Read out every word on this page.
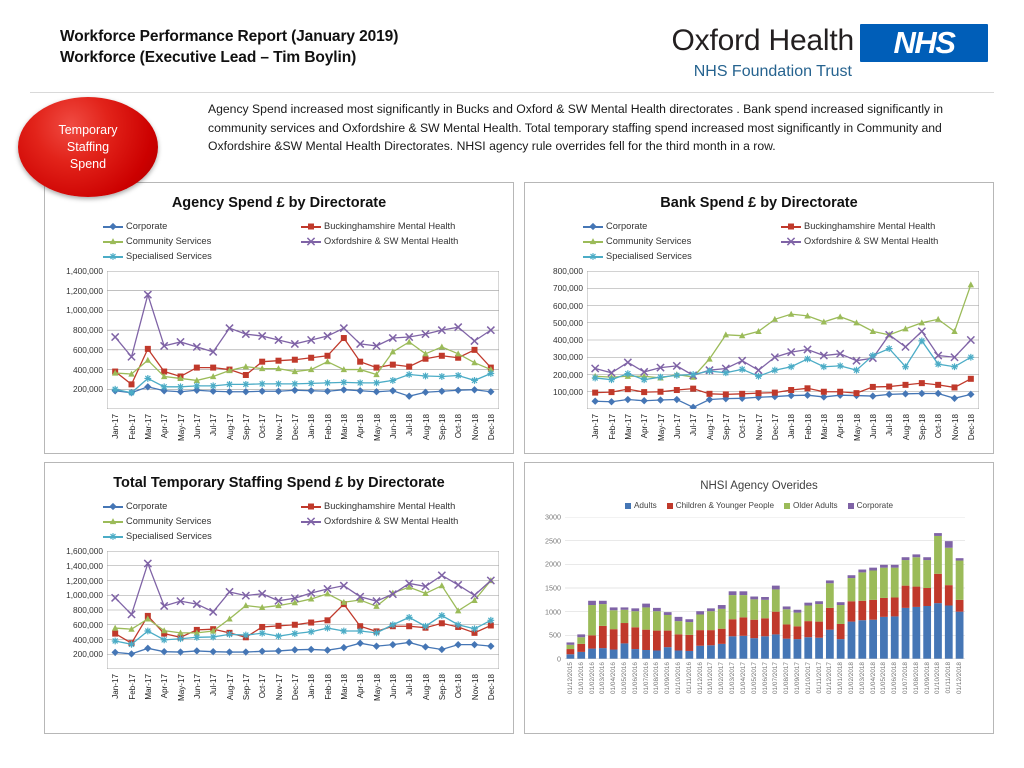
Workforce Performance Report (January 2019)
Workforce (Executive Lead – Tim Boylin)
Oxford Health	NHS
NHS Foundation Trust
Temporary
Staffing
Spend
Agency Spend increased most significantly in Bucks and Oxford & SW Mental Health directorates . Bank spend increased significantly in community services and Oxfordshire & SW Mental Health. Total temporary staffing spend increased most significantly in Community and Oxfordshire &SW Mental Health Directorates. NHSI agency rule overrides fell for the third month in a row.
Agency Spend £ by Directorate
Corporate	Buckinghamshire Mental Health
Community Services	Oxfordshire & SW Mental Health
Specialised Services
200,000
400,000
600,000
800,000
1,000,000
1,200,000
1,400,000
Jan-17 Feb-17 Mar-17 Apr-17 May-17 Jun-17 Jul-17 Aug-17 Sep-17 Oct-17 Nov-17 Dec-17 Jan-18 Feb-18 Mar-18 Apr-18 May-18 Jun-18 Jul-18 Aug-18 Sep-18 Oct-18 Nov-18 Dec-18
Bank Spend £ by Directorate
Corporate	Buckinghamshire Mental Health
Community Services	Oxfordshire & SW Mental Health
Specialised Services
100,000
200,000
300,000
400,000
500,000
600,000
700,000
800,000
Jan-17 Feb-17 Mar-17 Apr-17 May-17 Jun-17 Jul-17 Aug-17 Sep-17 Oct-17 Nov-17 Dec-17 Jan-18 Feb-18 Mar-18 Apr-18 May-18 Jun-18 Jul-18 Aug-18 Sep-18 Oct-18 Nov-18 Dec-18
Total Temporary Staffing Spend £ by Directorate
Corporate	Buckinghamshire Mental Health
Community Services	Oxfordshire & SW Mental Health
Specialised Services
200,000
400,000
600,000
800,000
1,000,000
1,200,000
1,400,000
1,600,000
Jan-17 Feb-17 Mar-17 Apr-17 May-17 Jun-17 Jul-17 Aug-17 Sep-17 Oct-17 Nov-17 Dec-17 Jan-18 Feb-18 Mar-18 Apr-18 May-18 Jun-18 Jul-18 Aug-18 Sep-18 Oct-18 Nov-18 Dec-18
NHSI Agency Overides
Adults Children & Younger People Older Adults Corporate
0
500
1000
1500
2000
2500
3000
01/12/2015 01/01/2016 01/02/2016 01/03/2016 01/04/2016 01/05/2016 01/06/2016 01/07/2016 01/08/2016 01/09/2016 01/10/2016 01/11/2016 01/12/2016 01/01/2017 01/02/2017 01/03/2017 01/04/2017 01/05/2017 01/06/2017 01/07/2017 01/08/2017 01/09/2017 01/10/2017 01/11/2017 01/12/2017 01/01/2018 01/02/2018 01/03/2018 01/04/2018 01/05/2018 01/06/2018 01/07/2018 01/08/2018 01/09/2018 01/10/2018 01/11/2018 01/12/2018
